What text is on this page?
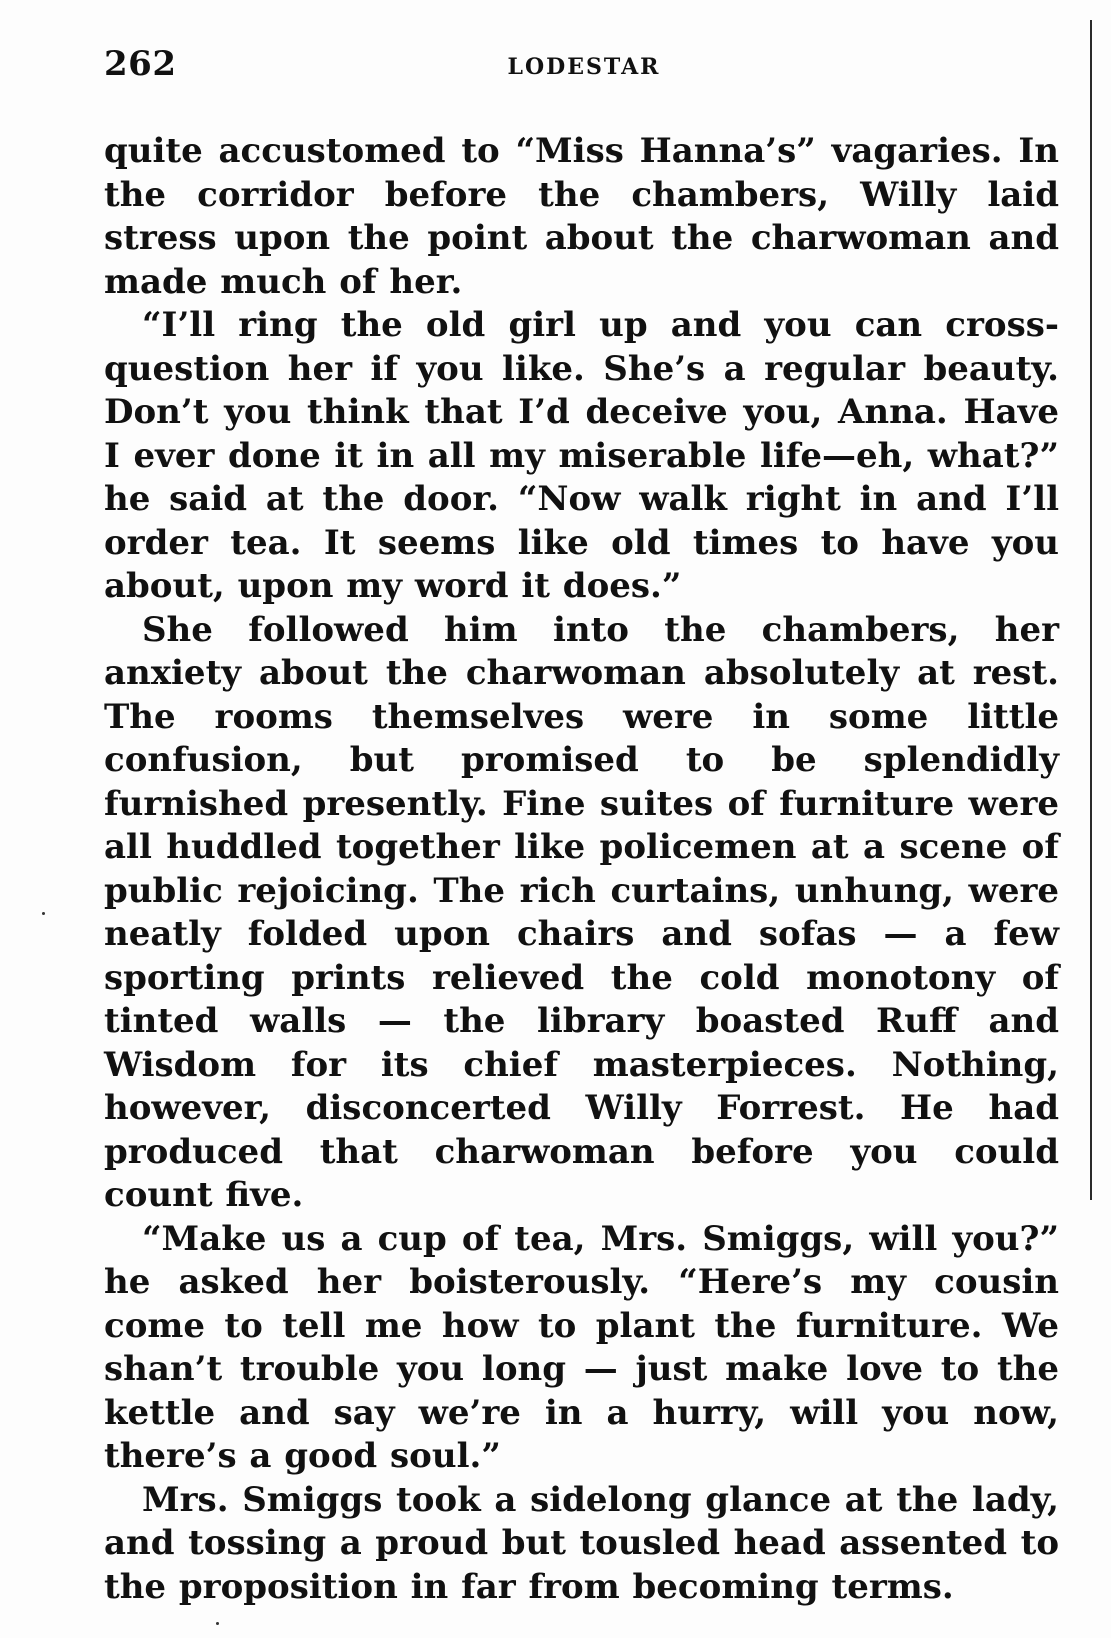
262	LODESTAR

quite accustomed to “Miss Hanna’s” vagaries. In the corridor before the chambers, Willy laid stress upon the point about the charwoman and made much of her.

“I’ll ring the old girl up and you can cross-question her if you like. She’s a regular beauty. Don’t you think that I’d deceive you, Anna. Have I ever done it in all my miserable life—eh, what?” he said at the door. “Now walk right in and I’ll order tea. It seems like old times to have you about, upon my word it does.”

She followed him into the chambers, her anxiety about the charwoman absolutely at rest. The rooms themselves were in some little confusion, but promised to be splendidly furnished presently. Fine suites of furniture were all huddled together like policemen at a scene of public rejoicing. The rich curtains, unhung, were neatly folded upon chairs and sofas — a few sporting prints relieved the cold monotony of tinted walls — the library boasted Ruff and Wisdom for its chief masterpieces. Nothing, however, disconcerted Willy Forrest. He had produced that charwoman before you could count five.

“Make us a cup of tea, Mrs. Smiggs, will you?” he asked her boisterously. “Here’s my cousin come to tell me how to plant the furniture. We shan’t trouble you long — just make love to the kettle and say we’re in a hurry, will you now, there’s a good soul.”

Mrs. Smiggs took a sidelong glance at the lady, and tossing a proud but tousled head assented to the proposition in far from becoming terms.
